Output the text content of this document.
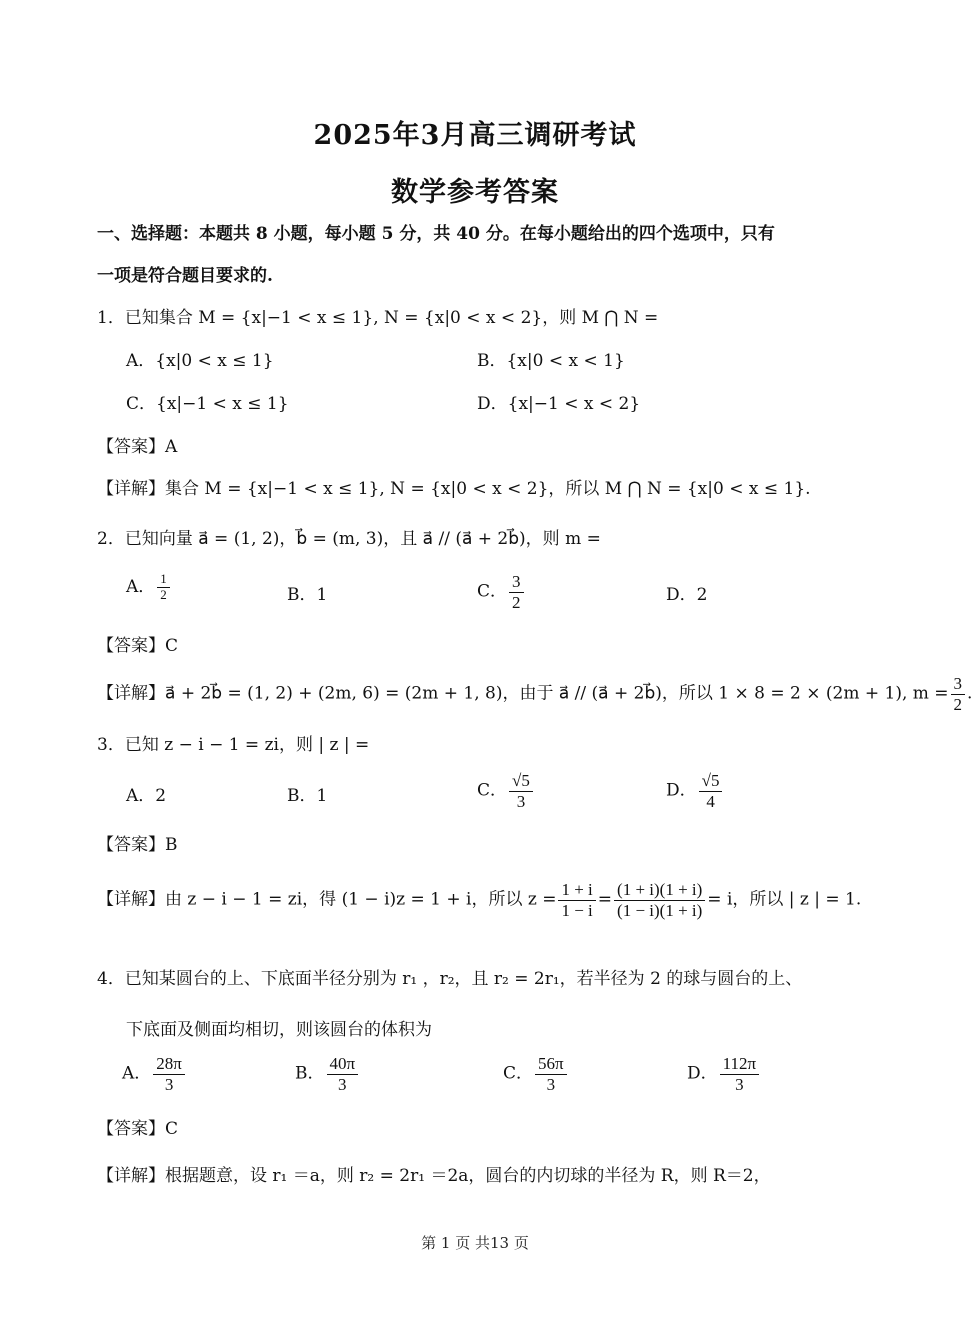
2025年3月高三调研考试
数学参考答案
一、选择题：本题共 8 小题，每小题 5 分，共 40 分。在每小题给出的四个选项中，只有
一项是符合题目要求的.
1．已知集合 M = {x|−1 < x ≤ 1}, N = {x|0 < x < 2}，则 M ⋂ N =
A．{x|0 < x ≤ 1}	B．{x|0 < x < 1}
C．{x|−1 < x ≤ 1}	D．{x|−1 < x < 2}
【答案】A
【详解】集合 M = {x|−1 < x ≤ 1}, N = {x|0 < x < 2}，所以 M ⋂ N = {x|0 < x ≤ 1}.
2．已知向量 a⃗ = (1, 2)，b⃗ = (m, 3)，且 a⃗ // (a⃗ + 2b⃗)，则 m =
A． $\frac{1}{2}$	B．1	C． $\frac{3}{2}$	D．2
【答案】C
【详解】a⃗ + 2b⃗ = (1, 2) + (2m, 6) = (2m + 1, 8)，由于 a⃗ // (a⃗ + 2b⃗)，所以 1 × 8 = 2 × (2m + 1), $m = \frac{3}{2}$ .
3．已知 z − i − 1 = zi，则 | z | =
A．2	B．1	C． $\frac{√5}{3}$	D． $\frac{√5}{4}$
【答案】B
【详解】由 z − i − 1 = zi，得 (1 − i)z = 1 + i，所以 $z = \frac{1 + i}{1 - i} = \frac{(1 + i)(1 + i)}{(1 - i)(1 + i)} = i$，所以 | z | = 1.
4．已知某圆台的上、下底面半径分别为 r₁ ，r₂，且 r₂ = 2r₁，若半径为 2 的球与圆台的上、
下底面及侧面均相切，则该圆台的体积为
A． $\frac{28\pi}{3}$	B． $\frac{40\pi}{3}$	C． $\frac{56\pi}{3}$	D． $\frac{112\pi}{3}$
【答案】C
【详解】根据题意，设 r₁ ＝a，则 r₂ = 2r₁ ＝2a，圆台的内切球的半径为 R，则 R＝2，
第 1 页 共13 页
